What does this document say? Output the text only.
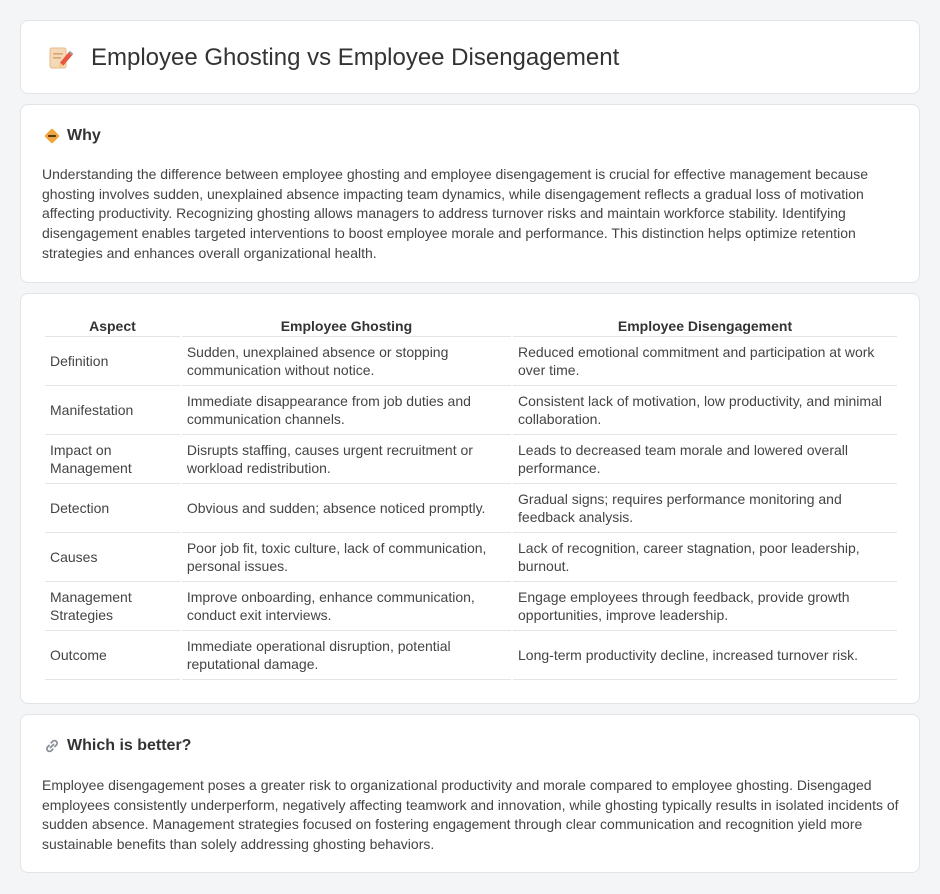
Employee Ghosting vs Employee Disengagement
Why
Understanding the difference between employee ghosting and employee disengagement is crucial for effective management because ghosting involves sudden, unexplained absence impacting team dynamics, while disengagement reflects a gradual loss of motivation affecting productivity. Recognizing ghosting allows managers to address turnover risks and maintain workforce stability. Identifying disengagement enables targeted interventions to boost employee morale and performance. This distinction helps optimize retention strategies and enhances overall organizational health.
Aspect	Employee Ghosting	Employee Disengagement
Definition	Sudden, unexplained absence or stopping communication without notice.	Reduced emotional commitment and participation at work over time.
Manifestation	Immediate disappearance from job duties and communication channels.	Consistent lack of motivation, low productivity, and minimal collaboration.
Impact on Management	Disrupts staffing, causes urgent recruitment or workload redistribution.	Leads to decreased team morale and lowered overall performance.
Detection	Obvious and sudden; absence noticed promptly.	Gradual signs; requires performance monitoring and feedback analysis.
Causes	Poor job fit, toxic culture, lack of communication, personal issues.	Lack of recognition, career stagnation, poor leadership, burnout.
Management Strategies	Improve onboarding, enhance communication, conduct exit interviews.	Engage employees through feedback, provide growth opportunities, improve leadership.
Outcome	Immediate operational disruption, potential reputational damage.	Long-term productivity decline, increased turnover risk.
Which is better?
Employee disengagement poses a greater risk to organizational productivity and morale compared to employee ghosting. Disengaged employees consistently underperform, negatively affecting teamwork and innovation, while ghosting typically results in isolated incidents of sudden absence. Management strategies focused on fostering engagement through clear communication and recognition yield more sustainable benefits than solely addressing ghosting behaviors.
